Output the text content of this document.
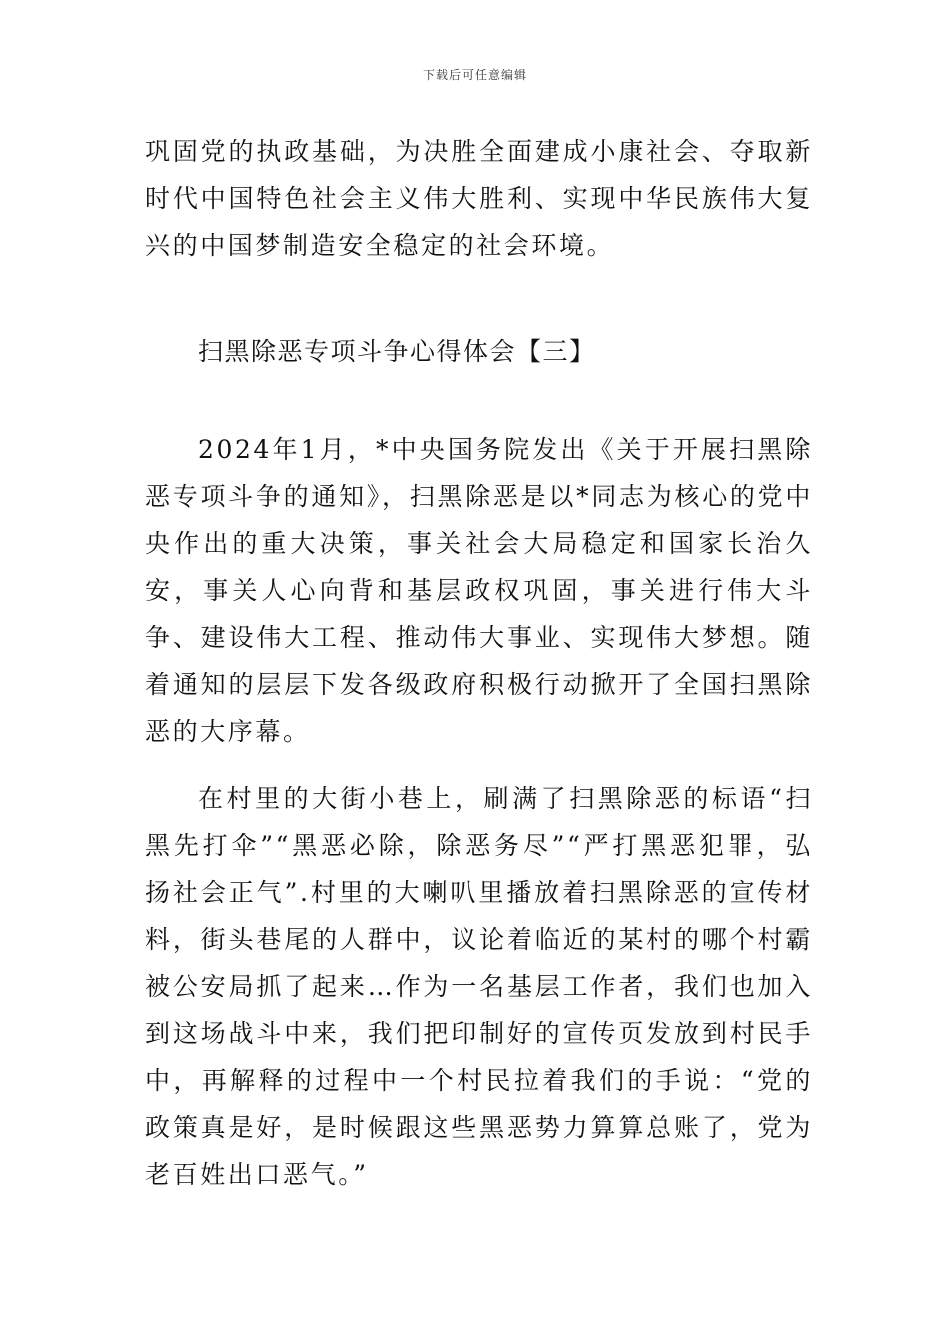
下载后可任意编辑

巩固党的执政基础，为决胜全面建成小康社会、夺取新时代中国特色社会主义伟大胜利、实现中华民族伟大复兴的中国梦制造安全稳定的社会环境。

扫黑除恶专项斗争心得体会【三】

2024年1月，*中央国务院发出《关于开展扫黑除恶专项斗争的通知》，扫黑除恶是以*同志为核心的党中央作出的重大决策，事关社会大局稳定和国家长治久安，事关人心向背和基层政权巩固，事关进行伟大斗争、建设伟大工程、推动伟大事业、实现伟大梦想。随着通知的层层下发各级政府积极行动掀开了全国扫黑除恶的大序幕。

在村里的大街小巷上，刷满了扫黑除恶的标语“扫黑先打伞”“黑恶必除，除恶务尽”“严打黑恶犯罪，弘扬社会正气”.村里的大喇叭里播放着扫黑除恶的宣传材料，街头巷尾的人群中，议论着临近的某村的哪个村霸被公安局抓了起来…作为一名基层工作者，我们也加入到这场战斗中来，我们把印制好的宣传页发放到村民手中，再解释的过程中一个村民拉着我们的手说：“党的政策真是好，是时候跟这些黑恶势力算算总账了，党为老百姓出口恶气。”
